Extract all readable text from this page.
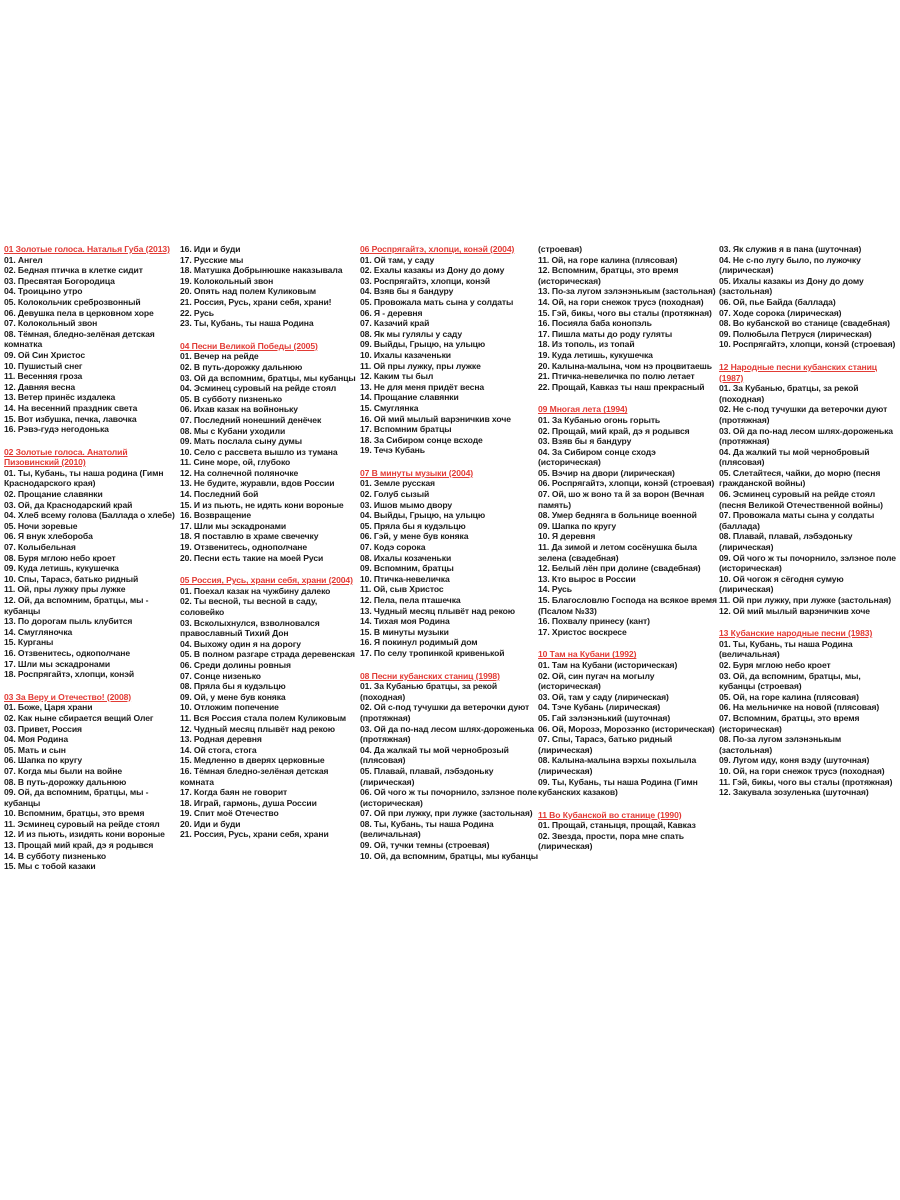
01 Золотые голоса. Наталья Губа (2013)
01. Ангел
02. Бедная птичка в клетке сидит
03. Пресвятая Богородица
04. Троицыно утро
05. Колокольчик среброзвонный
06. Девушка пела в церковном хоре
07. Колокольный звон
08. Тёмная, бледно-зелёная детская комнатка
09. Ой Син Христос
10. Пушистый снег
11. Весенняя гроза
12. Давняя весна
13. Ветер принёс издалека
14. На весенний праздник света
15. Вот избушка, печка, лавочка
16. Рэвэ-гудэ негодонька
02 Золотые голоса. Анатолий Пизовинский (2010)
01. Ты, Кубань, ты наша родина (Гимн Краснодарского края)
02. Прощание славянки
03. Ой, да Краснодарский край
04. Хлеб всему голова (Баллада о хлебе)
05. Ночи зоревые
06. Я внук хлебороба
07. Колыбельная
08. Буря мглою небо кроет
09. Куда летишь, кукушечка
10. Спы, Тарасэ, батько ридный
11. Ой, пры лужку пры лужке
12. Ой, да вспомним, братцы, мы - кубанцы
13. По дорогам пыль клубится
14. Смугляночка
15. Курганы
16. Отзвенитесь, одкополчане
17. Шли мы эскадронами
18. Роспрягайтэ, хлопци, конэй
03 За Веру и Отечество! (2008)
01. Боже, Царя храни
02. Как ныне сбирается вещий Олег
03. Привет, Россия
04. Моя Родина
05. Мать и сын
06. Шапка по кругу
07. Когда мы были на войне
08. В путь-дорожку дальнюю
09. Ой, да вспомним, братцы, мы - кубанцы
10. Вспомним, братцы, это время
11. Эсминец суровый на рейде стоял
12. И из пьють, изидять кони вороные
13. Прощай мий край, дэ я родывся
14. В субботу пизненько
15. Мы с тобой казаки
16. Иди и буди
17. Русские мы
18. Матушка Добрынюшке наказывала
19. Колокольный звон
20. Опять над полем Куликовым
21. Россия, Русь, храни себя, храни!
22. Русь
23. Ты, Кубань, ты наша Родина
04 Песни Великой Победы (2005)
01. Вечер на рейде
02. В путь-дорожку дальнюю
03. Ой да вспомним, братцы, мы кубанцы
04. Эсминец суровый на рейде стоял
05. В субботу пизненько
06. Ихав казак на войноньку
07. Последний нонешний денёчек
08. Мы с Кубани уходили
09. Мать послала сыну думы
10. Село с рассвета вышло из тумана
11. Сине море, ой, глубоко
12. На солнечной поляночке
13. Не будите, журавли, вдов России
14. Последний бой
15. И из пьють, не идять кони вороные
16. Возвращение
17. Шли мы эскадронами
18. Я поставлю в храме свечечку
19. Отзвенитесь, однополчане
20. Песни есть такие на моей Руси
05 Россия, Русь, храни себя, храни (2004)
01. Поехал казак на чужбину далеко
02. Ты весной, ты весной в саду, соловейко
03. Всколыхнулся, взволновался православный Тихий Дон
04. Выхожу один я на дорогу
05. В полном разгаре страда деревенская
06. Среди долины ровныя
07. Сонце низенько
08. Пряла бы я кудэльцю
09. Ой, у мене був коняка
10. Отложим попечение
11. Вся Россия стала полем Куликовым
12. Чудный месяц плывёт над рекою
13. Родная деревня
14. Ой стога, стога
15. Медленно в дверях церковные
16. Тёмная бледно-зелёная детская комната
17. Когда баян не говорит
18. Играй, гармонь, душа России
19. Спит моё Отечество
20. Иди и буди
21. Россия, Русь, храни себя, храни
06 Роспрягайтэ, хлопци, конэй (2004)
01. Ой там, у саду
02. Ехалы казакы из Дону до дому
03. Роспрягайтэ, хлопци, конэй
04. Взяв бы я бандуру
05. Провожала мать сына у солдаты
06. Я - деревня
07. Казачий край
08. Як мы гулялы у саду
09. Выйды, Грыцю, на улыцю
10. Ихалы казаченьки
11. Ой пры лужку, пры лужке
12. Каким ты был
13. Не для меня придёт весна
14. Прощание славянки
15. Смуглянка
16. Ой мий мылый варэничкив хоче
17. Вспомним братцы
18. За Сибиром сонце всходе
19. Течэ Кубань
07 В минуты музыки (2004)
01. Земле русская
02. Голуб сызый
03. Ишов мымо двору
04. Выйды, Грыцю, на улыцю
05. Пряла бы я кудэльцю
06. Гэй, у мене був коняка
07. Кодэ сорока
08. Ихалы козаченьки
09. Вспомним, братцы
10. Птичка-невеличка
11. Ой, сыв Христос
12. Пела, пела пташечка
13. Чудный месяц плывёт над рекою
14. Тихая моя Родина
15. В минуты музыки
16. Я покинул родимый дом
17. По селу тропинкой кривенькой
08 Песни кубанских станиц (1998)
01. За Кубанью братцы, за рекой (походная)
02. Ой с-под тучушки да ветерочки дуют (протяжная)
03. Ой да по-над лесом шлях-дороженька (протяжная)
04. Да жалкай ты мой черноброзый (плясовая)
05. Плавай, плавай, лэбэдоньку (лирическая)
06. Ой чого ж ты почорнило, зэлэное поле (историческая)
07. Ой при лужку, при лужке (застольная)
08. Ты, Кубань, ты наша Родина (величальная)
09. Ой, тучки темны (строевая)
10. Ой, да вспомним, братцы, мы кубанцы
(строевая)
11. Ой, на горе калина (плясовая)
12. Вспомним, братцы, это время (историческая)
13. По-за лугом зэлэнэнькым (застольная)
14. Ой, на гори снежок трусэ (походная)
15. Гэй, бикы, чого вы сталы (протяжная)
16. Посияла баба конопэль
17. Пишла маты до роду гуляты
18. Из тополь, из топай
19. Куда летишь, кукушечка
20. Калына-малына, чом нэ процвитаешь
21. Птичка-невеличка по полю летает
22. Прощай, Кавказ ты наш прекрасный
09 Многая лета (1994)
01. За Кубанью огонь горыть
02. Прощай, мий край, дэ я родывся
03. Взяв бы я бандуру
04. За Сибиром сонце сходэ (историческая)
05. Вэчир на двори (лирическая)
06. Роспрягайтэ, хлопци, конэй (строевая)
07. Ой, шо ж воно та й за ворон (Вечная память)
08. Умер бедняга в больнице военной
09. Шапка по кругу
10. Я деревня
11. Да зимой и летом сосёнушка была зелена (свадебная)
12. Белый лён при долине (свадебная)
13. Кто вырос в России
14. Русь
15. Благословлю Господа на всякое время (Псалом №33)
16. Похвалу принесу (кант)
17. Христос воскресе
10 Там на Кубани (1992)
01. Там на Кубани (историческая)
02. Ой, син пугач на могылу (историческая)
03. Ой, там у саду (лирическая)
04. Тэче Кубань (лирическая)
05. Гай зэлэнэнький (шуточная)
06. Ой, Морозэ, Морозэнко (историческая)
07. Спы, Тарасэ, батько ридный (лирическая)
08. Калына-малына вэрхы похылыла (лирическая)
09. Ты, Кубань, ты наша Родина (Гимн кубанских казаков)
11 Во Кубанской во станице (1990)
01. Прощай, станыця, прощай, Кавказ
02. Звезда, прости, пора мне спать (лирическая)
03. Як служив я в пана (шуточная)
04. Не с-по лугу было, по лужочку (лирическая)
05. Ихалы казакы из Дону до дому (застольная)
06. Ой, пье Байда (баллада)
07. Ходе сорока (лирическая)
08. Во кубанской во станице (свадебная)
09. Полюбыла Петруся (лирическая)
10. Роспрягайтэ, хлопци, конэй (строевая)
12 Народные песни кубанских станиц (1987)
01. За Кубанью, братцы, за рекой (походная)
02. Не с-под тучушки да ветерочки дуют (протяжная)
03. Ой да по-над лесом шлях-дороженька (протяжная)
04. Да жалкий ты мой чернобровый (плясовая)
05. Слетайтеся, чайки, до морю (песня гражданской войны)
06. Эсминец суровый на рейде стоял (песня Великой Отечественной войны)
07. Провожала маты сына у солдаты (баллада)
08. Плавай, плавай, лэбэдоньку (лирическая)
09. Ой чого ж ты почорнило, зэлэное поле (историческая)
10. Ой чогож я сёгодня сумую (лирическая)
11. Ой при лужку, при лужке (застольная)
12. Ой мий мылый варэничкив хоче
13 Кубанские народные песни (1983)
01. Ты, Кубань, ты наша Родина (величальная)
02. Буря мглою небо кроет
03. Ой, да вспомним, братцы, мы, кубанцы (строевая)
05. Ой, на горе калина (плясовая)
06. На мельничке на новой (плясовая)
07. Вспомним, братцы, это время (историческая)
08. По-за лугом зэлэнэнькым (застольная)
09. Лугом иду, коня вэду (шуточная)
10. Ой, на гори снежок трусэ (походная)
11. Гэй, бикы, чого вы сталы (протяжная)
12. Закувала зозуленька (шуточная)
